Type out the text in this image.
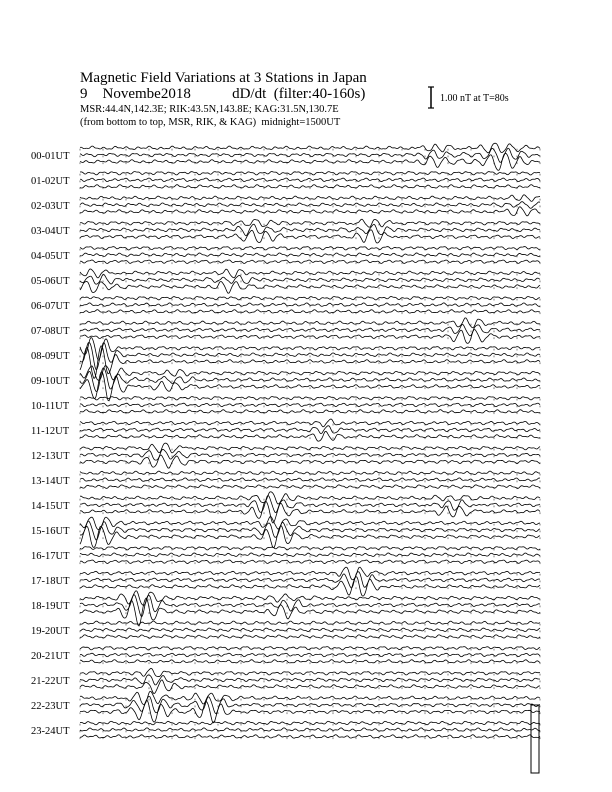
Magnetic Field Variations at 3 Stations in Japan
9 Novembe2018	dD/dt (filter:40-160s)
MSR:44.4N,142.3E; RIK:43.5N,143.8E; KAG:31.5N,130.7E
(from bottom to top, MSR, RIK, & KAG) midnight=1500UT
1.00 nT at T=80s
00-01UT
01-02UT
02-03UT
03-04UT
04-05UT
05-06UT
06-07UT
07-08UT
08-09UT
09-10UT
10-11UT
11-12UT
12-13UT
13-14UT
14-15UT
15-16UT
16-17UT
17-18UT
18-19UT
19-20UT
20-21UT
21-22UT
22-23UT
23-24UT
